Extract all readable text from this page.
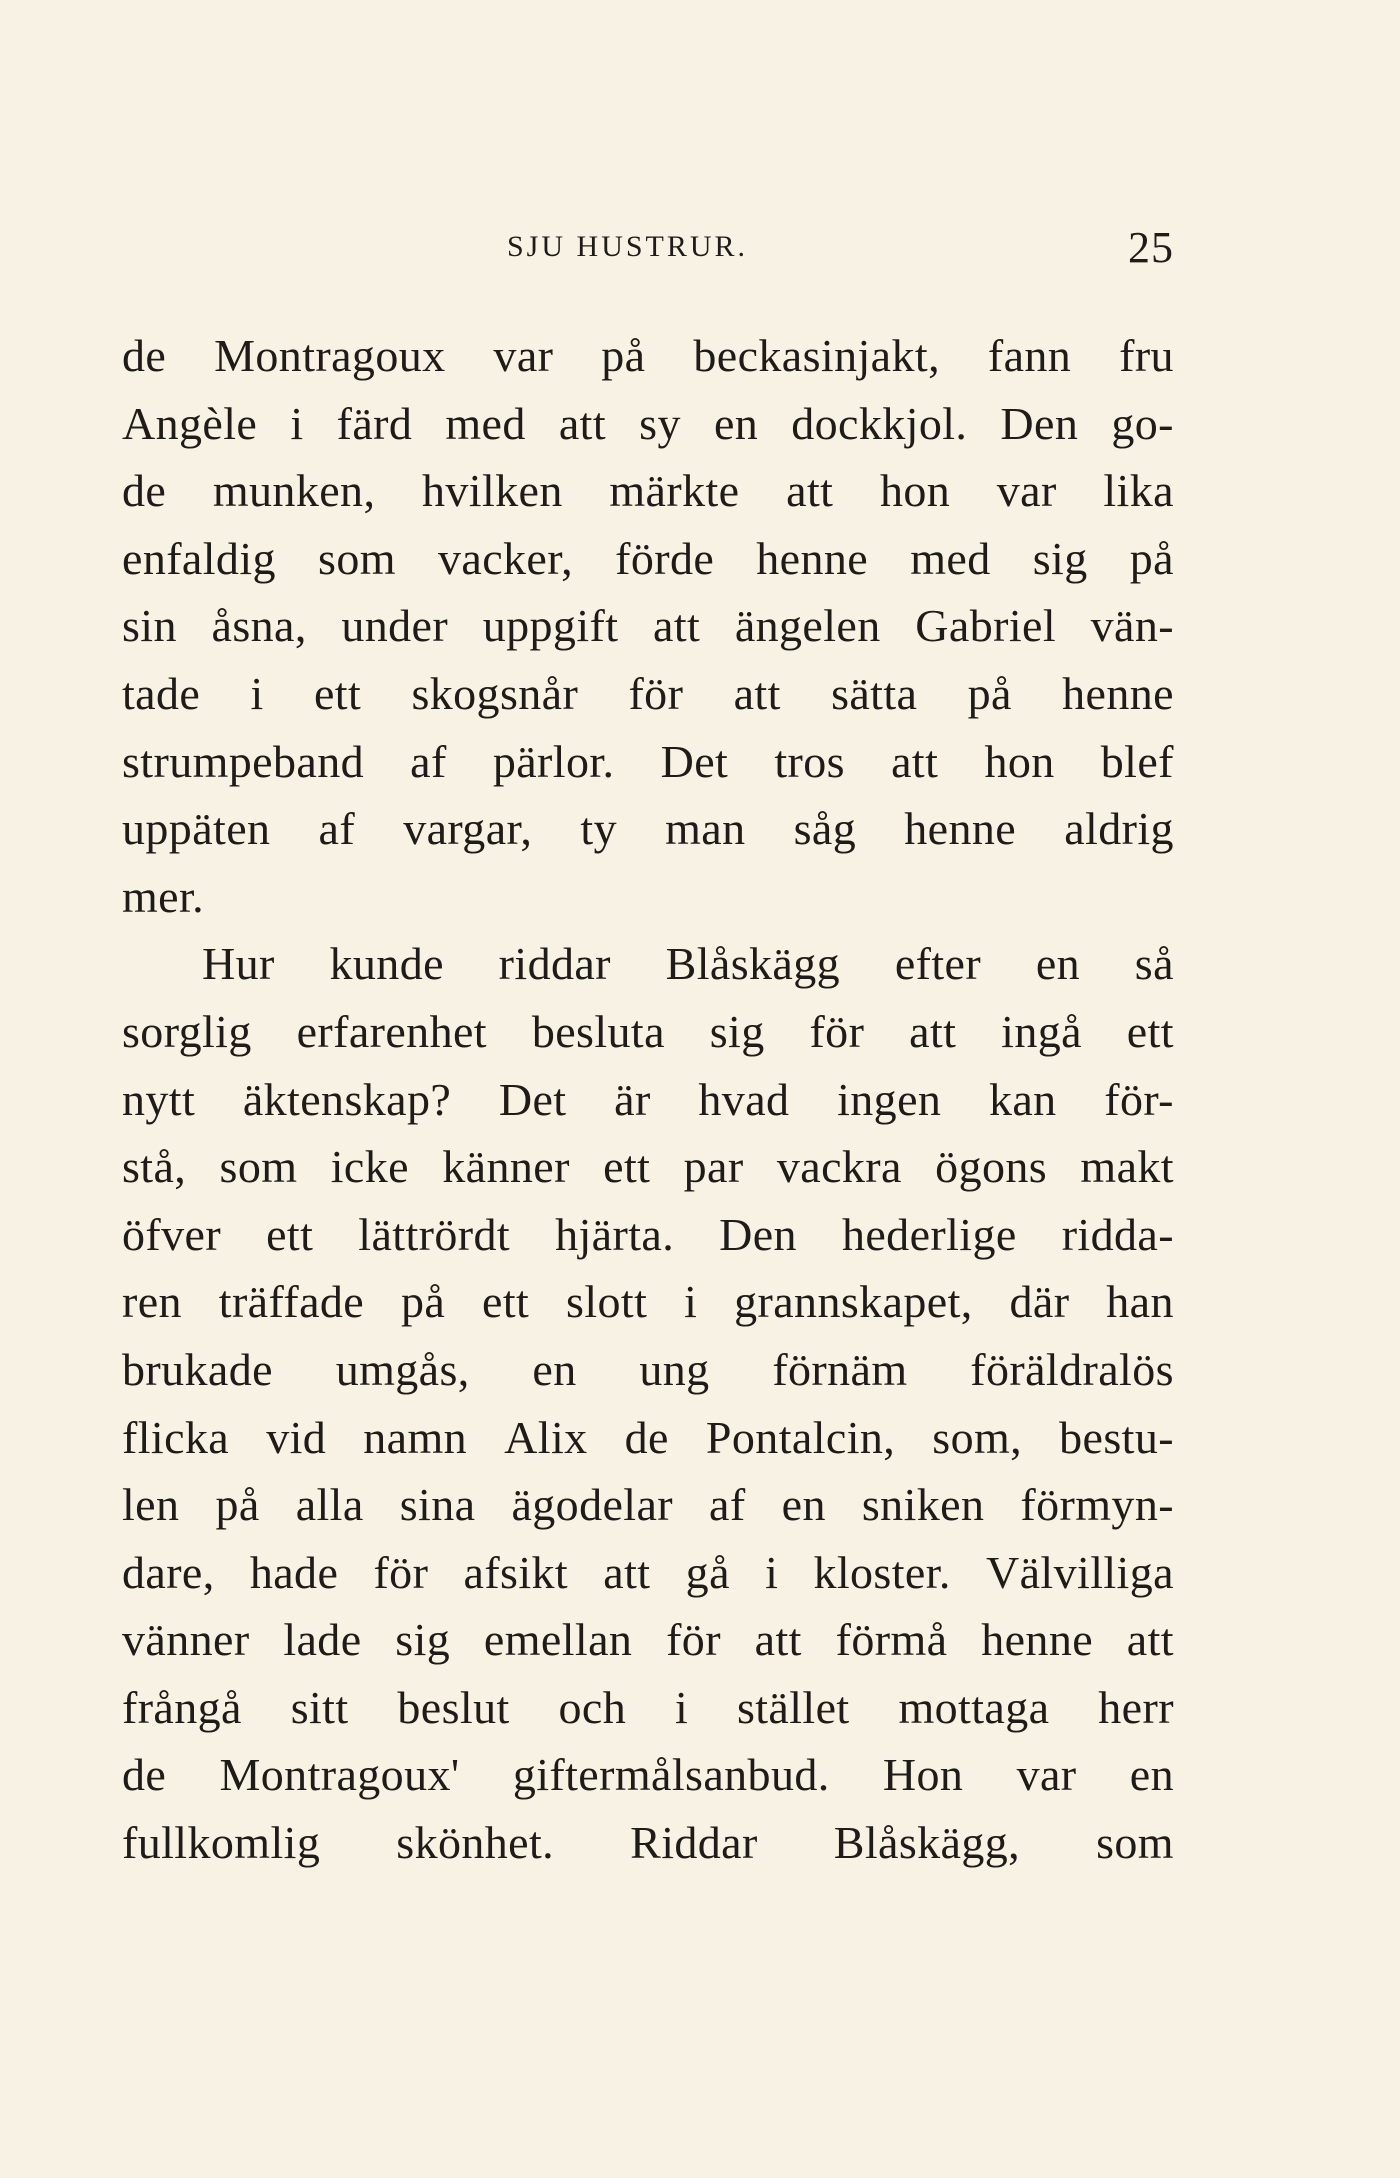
SJU HUSTRUR.	25
de Montragoux var på beckasinjakt, fann fru
Angèle i färd med att sy en dockkjol. Den go-
de munken, hvilken märkte att hon var lika
enfaldig som vacker, förde henne med sig på
sin åsna, under uppgift att ängelen Gabriel vän-
tade i ett skogsnår för att sätta på henne
strumpeband af pärlor. Det tros att hon blef
uppäten af vargar, ty man såg henne aldrig
mer.
Hur kunde riddar Blåskägg efter en så
sorglig erfarenhet besluta sig för att ingå ett
nytt äktenskap? Det är hvad ingen kan för-
stå, som icke känner ett par vackra ögons makt
öfver ett lättrördt hjärta. Den hederlige ridda-
ren träffade på ett slott i grannskapet, där han
brukade umgås, en ung förnäm föräldralös
flicka vid namn Alix de Pontalcin, som, bestu-
len på alla sina ägodelar af en sniken förmyn-
dare, hade för afsikt att gå i kloster. Välvilliga
vänner lade sig emellan för att förmå henne att
frångå sitt beslut och i stället mottaga herr
de Montragoux' giftermålsanbud. Hon var en
fullkomlig skönhet. Riddar Blåskägg, som
